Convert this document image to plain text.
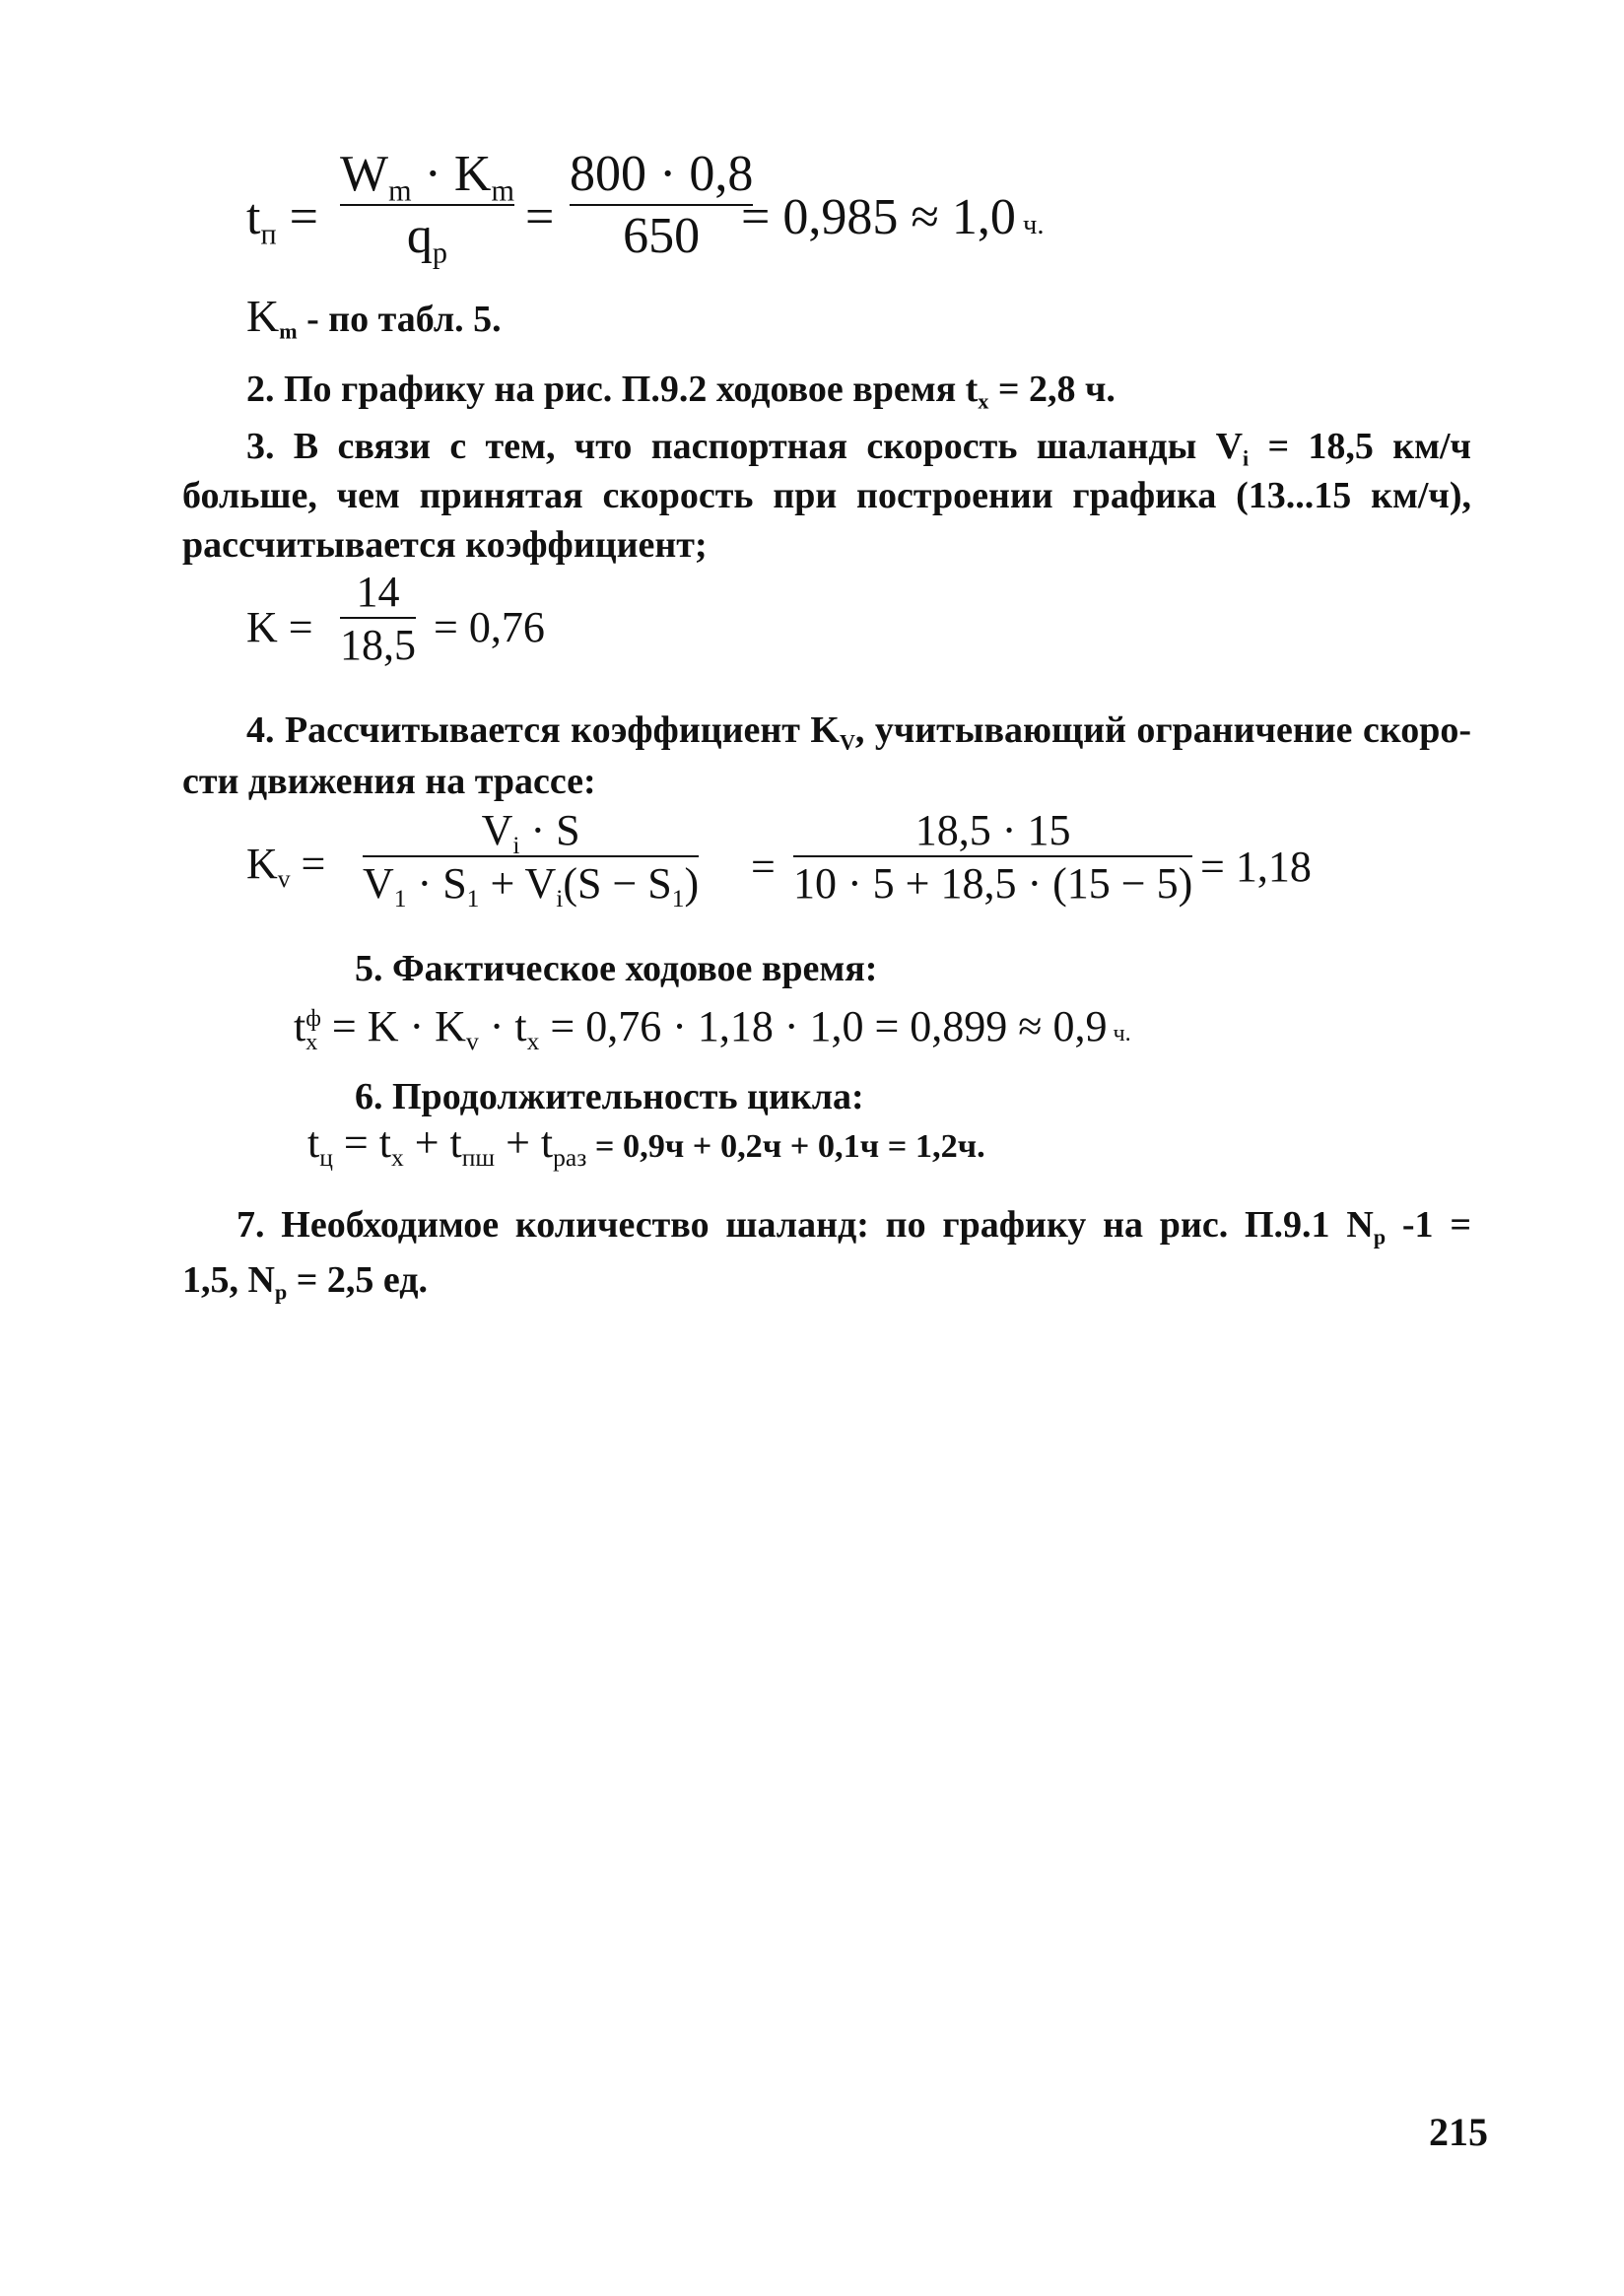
$t_п$ =
$W_m \cdot K_m$
$q_р$
=
800 · 0,8
650 = 0,985 ≈ 1,0 ч.
$K_m$ - по табл. 5.
2. По графику на рис. П.9.2 ходовое время $t_x = 2,8$ ч.
3. В связи с тем, что паспортная скорость шаланды $V_i = 18,5$ км/ч
больше, чем принятая скорость при построении графика (13...15 км/ч),
рассчитывается коэффициент;
K =
14
18,5 = 0,76
4. Рассчитывается коэффициент $K_V$, учитывающий ограничение скоро-
сти движения на трассе:
$K_v$ =
$V_i \cdot S$
$V_1 \cdot S_1 + V_i(S - S_1)$ =
18,5 · 15
10 · 5 + 18,5 · (15 − 5) = 1,18
5. Фактическое ходовое время:
t ф
$x = K \cdot K_v \cdot t_x = 0,76 \cdot 1,18 \cdot 1,0 = 0,899 \approx 0,9$ ч.
6. Продолжительность цикла:
$t_ц = t_x + t_{пш} + t_{раз} = 0,9ч + 0,2ч + 0,1ч = 1,2ч$.
7. Необходимое количество шаланд: по графику на рис. П.9.1 $N_p$ -1 =
1,5, $N_p = 2,5$ ед.
215
